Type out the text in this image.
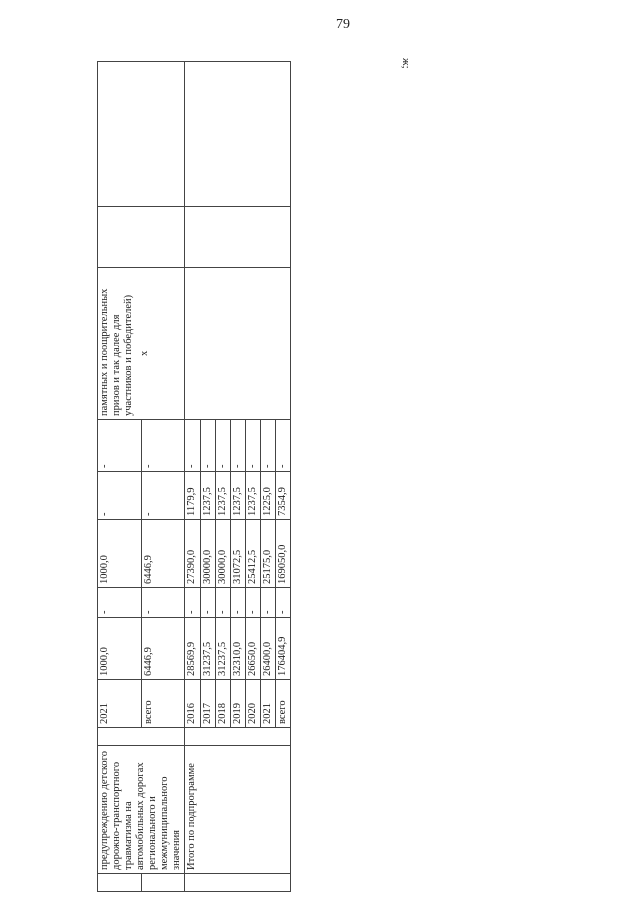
79
ж;
	предупреждению детского дорожно-транспортного травматизма на автомобильных дорогах регионального и межмуниципального значения		2021	1000,0	-	1000,0	-	-	памятных и поощрительных призов и так далее для участников и победителей) х		

			всего	6446,9	-	6446,9	-	-			
	Итого по подпрограмме		2016	28569,9	-	27390,0	1179,9	-			
			2017	31237,5	-	30000,0	1237,5	-			
			2018	31237,5	-	30000,0	1237,5	-			
			2019	32310,0	-	31072,5	1237,5	-			
			2020	26650,0	-	25412,5	1237,5	-			
			2021	26400,0	-	25175,0	1225,0	-			
			всего	176404,9	-	169050,0	7354,9	-			
